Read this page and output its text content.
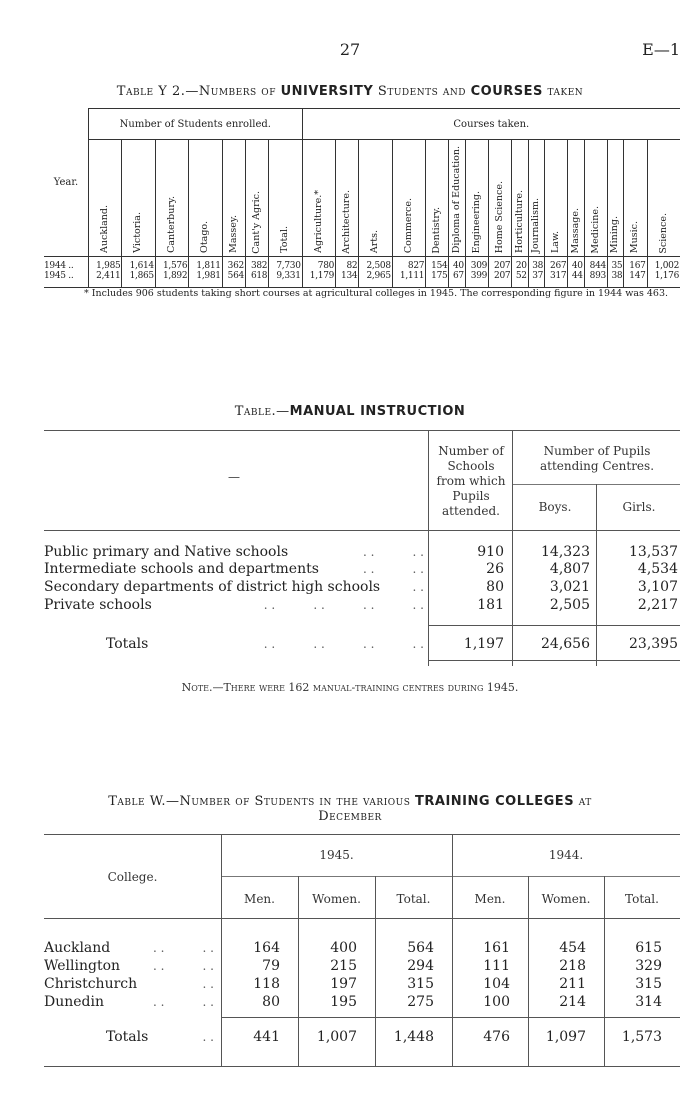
27	E—1
Table Y 2.—Numbers of UNIVERSITY Students and COURSES taken
Year.	Number of Students enrolled.							Courses taken.															
	Auckland.	Victoria.	Canterbury.	Otago.	Massey.	Cant'y Agric.	Total.	Agriculture.*	Architecture.	Arts.	Commerce.	Dentistry.	Diploma of Education.	Engineering.	Home Science.	Horticulture.	Journalism.	Law.	Massage.	Medicine.	Mining.	Music.	Science.
1944 ..	1,985	1,614	1,576	1,811	362	382	7,730	780	82	2,508	827	154	40	309	207	20	38	267	40	844	35	167	1,002
1945 ..	2,411	1,865	1,892	1,981	564	618	9,331	1,179	134	2,965	1,111	175	67	399	207	52	37	317	44	893	38	147	1,176
* Includes 906 students taking short courses at agricultural colleges in 1945. The corresponding figure in 1944 was 463.
Table.—MANUAL INSTRUCTION
—
Number of Schools from which Pupils attended.
Number of Pupils attending Centres.
Boys.	Girls.
Public primary and Native schools	. .          . .	910	14,323	13,537
Intermediate schools and departments	. .          . .	26	4,807	4,534
Secondary departments of district high schools	. .	80	3,021	3,107
Private schools	. .          . .          . .          . .	181	2,505	2,217
Totals	. .          . .          . .          . .	1,197	24,656	23,395
Note.—There were 162 manual-training centres during 1945.
Table W.—Number of Students in the various TRAINING COLLEGES at
December
College.
1945.	1944.
Men.	Women.	Total.	Men.	Women.	Total.
Auckland	. .          . .	164	400	564	161	454	615
Wellington	. .          . .	79	215	294	111	218	329
Christchurch	. .	118	197	315	104	211	315
Dunedin	. .          . .	80	195	275	100	214	314
Totals	. .	441	1,007	1,448	476	1,097	1,573
